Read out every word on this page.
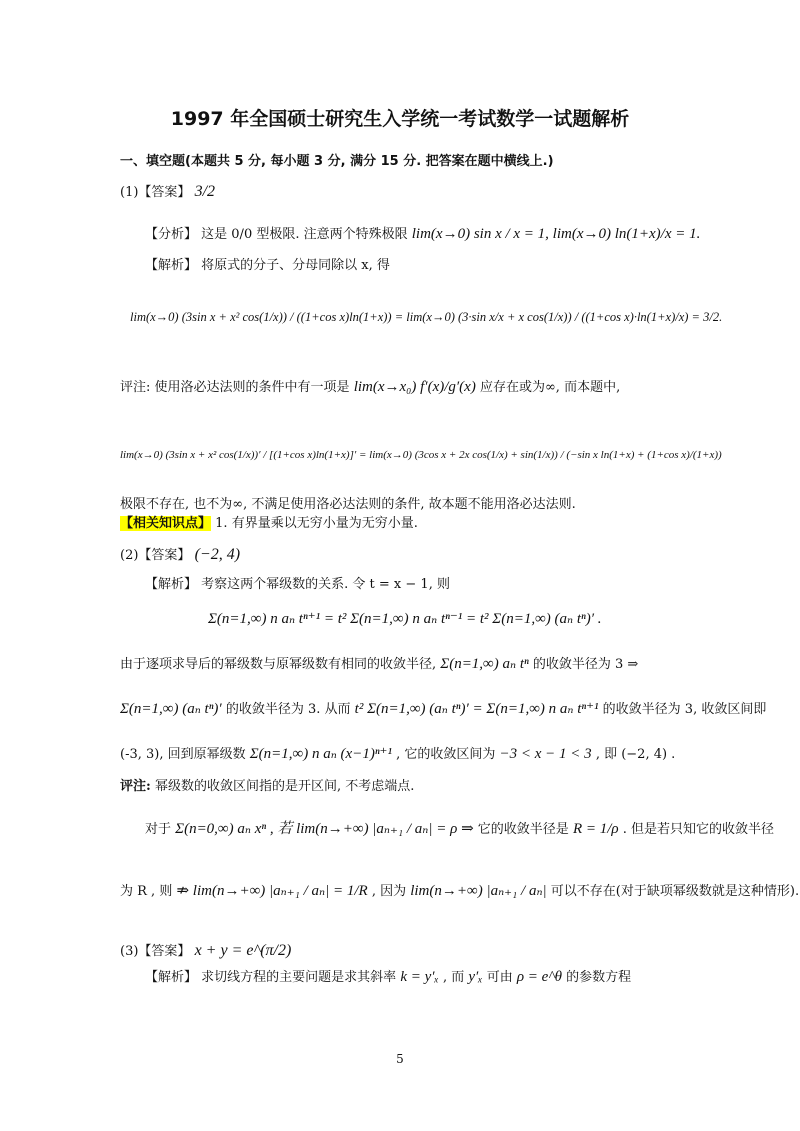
1997 年全国硕士研究生入学统一考试数学一试题解析
一、填空题(本题共 5 分, 每小题 3 分, 满分 15 分. 把答案在题中横线上.)
(1)【答案】 3/2
【分析】 这是 0/0 型极限. 注意两个特殊极限 lim(x→0) sin x / x = 1, lim(x→0) ln(1+x)/x = 1.
【解析】 将原式的分子、分母同除以 x, 得
lim(x→0) (3sin x + x² cos(1/x)) / ((1+cos x)ln(1+x)) = lim(x→0) (3·sin x/x + x cos(1/x)) / ((1+cos x)·ln(1+x)/x) = 3/2.
评注: 使用洛必达法则的条件中有一项是 lim(x→x₀) f′(x)/g′(x) 应存在或为∞, 而本题中,
lim(x→0) (3sin x + x² cos(1/x))′ / [(1+cos x)ln(1+x)]′ = lim(x→0) (3cos x + 2x cos(1/x) + sin(1/x)) / (−sin x ln(1+x) + (1+cos x)/(1+x))
极限不存在, 也不为∞, 不满足使用洛必达法则的条件, 故本题不能用洛必达法则.
【相关知识点】 1. 有界量乘以无穷小量为无穷小量.
(2)【答案】 (−2, 4)
【解析】 考察这两个幂级数的关系. 令 t = x − 1, 则
Σ(n=1,∞) n aₙ tⁿ⁺¹ = t² Σ(n=1,∞) n aₙ tⁿ⁻¹ = t² Σ(n=1,∞) (aₙ tⁿ)′ .
由于逐项求导后的幂级数与原幂级数有相同的收敛半径, Σ(n=1,∞) aₙ tⁿ 的收敛半径为 3 ⇒
Σ(n=1,∞) (aₙ tⁿ)′ 的收敛半径为 3. 从而 t² Σ(n=1,∞) (aₙ tⁿ)′ = Σ(n=1,∞) n aₙ tⁿ⁺¹ 的收敛半径为 3, 收敛区间即
(-3, 3), 回到原幂级数 Σ(n=1,∞) n aₙ (x−1)ⁿ⁺¹ , 它的收敛区间为 −3 < x − 1 < 3 , 即 (−2, 4) .
评注: 幂级数的收敛区间指的是开区间, 不考虑端点.
对于 Σ(n=0,∞) aₙ xⁿ , 若 lim(n→+∞) |aₙ₊₁ / aₙ| = ρ ⇒ 它的收敛半径是 R = 1/ρ . 但是若只知它的收敛半径
为 R , 则 ⇏ lim(n→+∞) |aₙ₊₁ / aₙ| = 1/R , 因为 lim(n→+∞) |aₙ₊₁ / aₙ| 可以不存在(对于缺项幂级数就是这种情形).
(3)【答案】 x + y = e^(π/2)
【解析】 求切线方程的主要问题是求其斜率 k = y′ₓ , 而 y′ₓ 可由 ρ = e^θ 的参数方程
5
